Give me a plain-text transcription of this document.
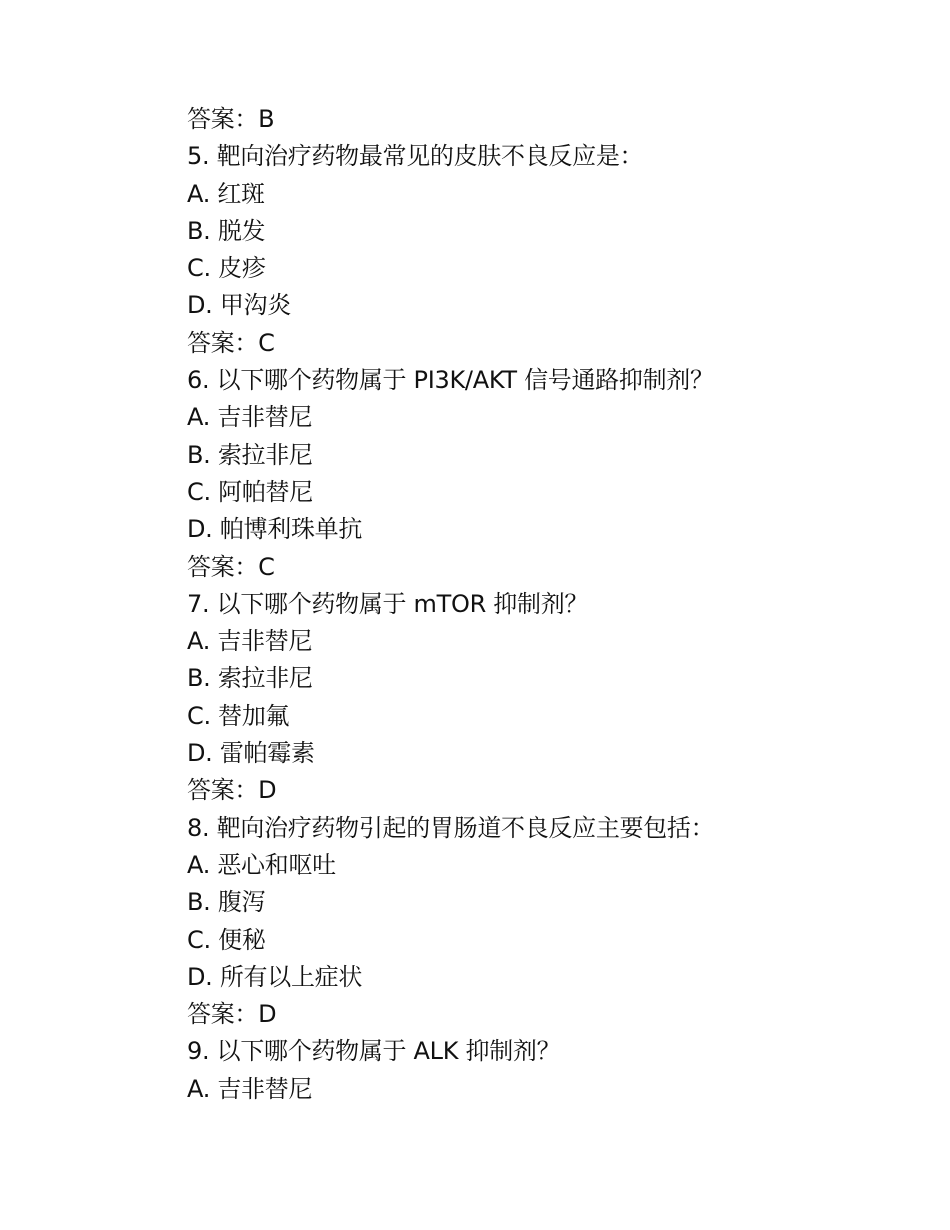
答案：B
5. 靶向治疗药物最常见的皮肤不良反应是：
A. 红斑
B. 脱发
C. 皮疹
D. 甲沟炎
答案：C
6. 以下哪个药物属于 PI3K/AKT 信号通路抑制剂？
A. 吉非替尼
B. 索拉非尼
C. 阿帕替尼
D. 帕博利珠单抗
答案：C
7. 以下哪个药物属于 mTOR 抑制剂？
A. 吉非替尼
B. 索拉非尼
C. 替加氟
D. 雷帕霉素
答案：D
8. 靶向治疗药物引起的胃肠道不良反应主要包括：
A. 恶心和呕吐
B. 腹泻
C. 便秘
D. 所有以上症状
答案：D
9. 以下哪个药物属于 ALK 抑制剂？
A. 吉非替尼
